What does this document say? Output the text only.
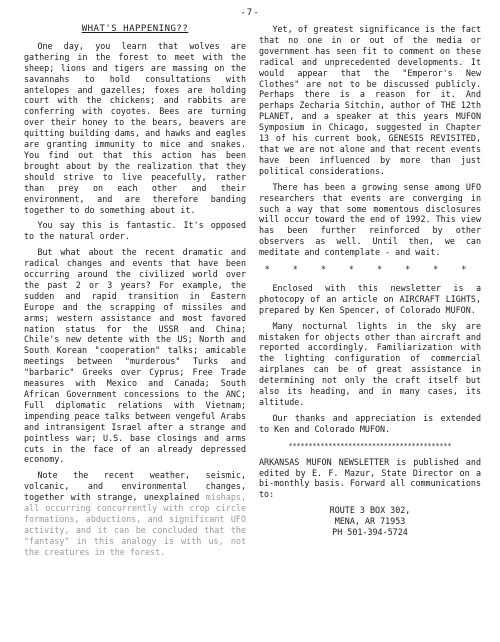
-7-
WHAT'S HAPPENING??

One day, you learn that wolves are gathering in the forest to meet with the sheep; lions and tigers are massing on the savannahs to hold consultations with antelopes and gazelles; foxes are holding court with the chickens; and rabbits are conferring with coyotes. Bees are turning over their honey to the bears, beavers are quitting building dams, and hawks and eagles are granting immunity to mice and snakes. You find out that this action has been brought about by the realization that they should strive to live peacefully, rather than prey on each other and their environment, and are therefore banding together to do something about it.

You say this is fantastic. It's opposed to the natural order.

But what about the recent dramatic and radical changes and events that have been occurring around the civilized world over the past 2 or 3 years? For example, the sudden and rapid transition in Eastern Europe and the scrapping of missiles and arms; western assistance and most favored nation status for the USSR and China; Chile's new detente with the US; North and South Korean "cooperation" talks; amicable meetings between "murderous" Turks and "barbaric" Greeks over Cyprus; Free Trade measures with Mexico and Canada; South African Government concessions to the ANC; Full diplomatic relations with Vietnam; impending peace talks between vengeful Arabs and intransigent Israel after a strange and pointless war; U.S. base closings and arms cuts in the face of an already depressed economy.

Note the recent weather, seismic, volcanic, and environmental changes, together with strange, unexplained mishaps, all occurring concurrently with crop circle formations, abductions, and significant UFO activity, and it can be concluded that the "fantasy" in this analogy is with us, not the creatures in the forest.

Yet, of greatest significance is the fact that no one in or out of the media or government has seen fit to comment on these radical and unprecedented developments. It would appear that the "Emperor's New Clothes" are not to be discussed publicly. Perhaps there is a reason for it. And perhaps Zecharia Sitchin, author of THE 12th PLANET, and a speaker at this years MUFON Symposium in Chicago, suggested in Chapter 13 of his current book, GENESIS REVISITED, that we are not alone and that recent events have been influenced by more than just political considerations.

There has been a growing sense among UFO researchers that events are converging in such a way that some momentous disclosures will occur toward the end of 1992. This view has been further reinforced by other observers as well. Until then, we can meditate and contemplate - and wait.

* * * * * * * *

Enclosed with this newsletter is a photocopy of an article on AIRCRAFT LIGHTS, prepared by Ken Spencer, of Colorado MUFON.

Many nocturnal lights in the sky are mistaken for objects other than aircraft and reported accordingly. Familiarization with the lighting configuration of commercial airplanes can be of great assistance in determining not only the craft itself but also its heading, and in many cases, its altitude.

Our thanks and appreciation is extended to Ken and Colorado MUFON.

*****************************************

ARKANSAS MUFON NEWSLETTER is published and edited by E. F. Mazur, State Director on a bi-monthly basis. Forward all communications to:

ROUTE 3 BOX 302,
MENA, AR 71953
PH 501-394-5724
